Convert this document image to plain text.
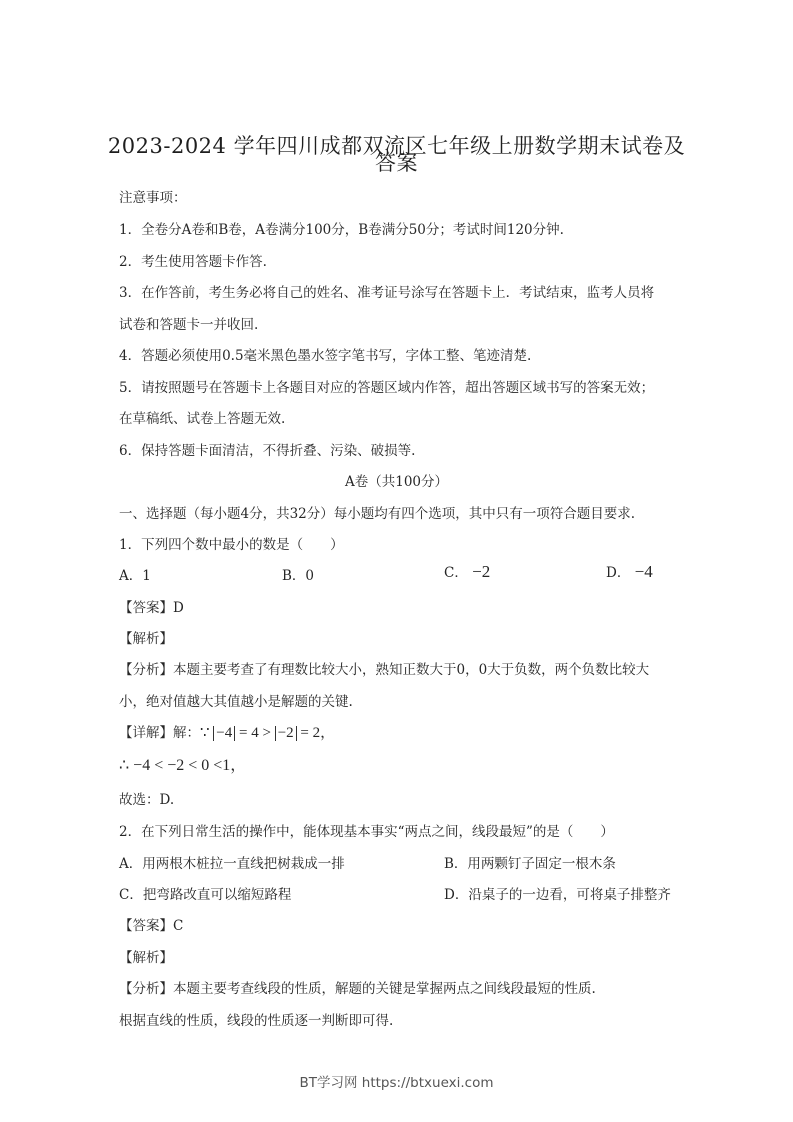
2023-2024 学年四川成都双流区七年级上册数学期末试卷及
答案
注意事项：
1．全卷分A卷和B卷，A卷满分100分，B卷满分50分；考试时间120分钟.
2．考生使用答题卡作答.
3．在作答前，考生务必将自己的姓名、准考证号涂写在答题卡上．考试结束，监考人员将
试卷和答题卡一并收回.
4．答题必须使用0.5毫米黑色墨水签字笔书写，字体工整、笔迹清楚.
5．请按照题号在答题卡上各题目对应的答题区域内作答，超出答题区域书写的答案无效；
在草稿纸、试卷上答题无效.
6．保持答题卡面清洁，不得折叠、污染、破损等.
A卷（共100分）
一、选择题（每小题4分，共32分）每小题均有四个选项，其中只有一项符合题目要求.
1．下列四个数中最小的数是（　　）
A．1	B．0	C． −2	D． −4
【答案】D
【解析】
【分析】本题主要考查了有理数比较大小，熟知正数大于0，0大于负数，两个负数比较大
小，绝对值越大其值越小是解题的关键.
【详解】解：∵ −4 = 4 > −2 = 2，
∴ −4 < −2 < 0 <1，
故选：D.
2．在下列日常生活的操作中，能体现基本事实“两点之间，线段最短”的是（　　）
A．用两根木桩拉一直线把树栽成一排	B．用两颗钉子固定一根木条
C．把弯路改直可以缩短路程	D．沿桌子的一边看，可将桌子排整齐
【答案】C
【解析】
【分析】本题主要考查线段的性质，解题的关键是掌握两点之间线段最短的性质.
根据直线的性质，线段的性质逐一判断即可得.
BT学习网 https://btxuexi.com
